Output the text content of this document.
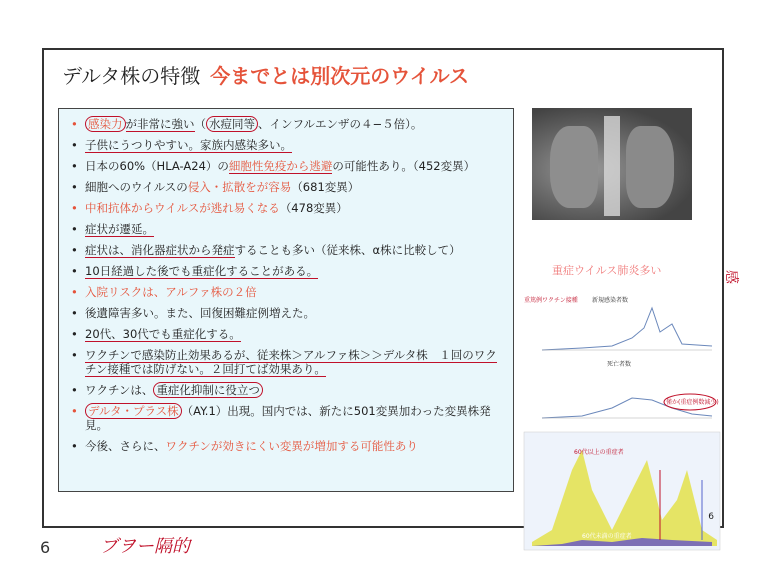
デルタ株の特徴 今までとは別次元のウイルス
• 感染力 が非常に強い（ 水痘同等 、インフルエンザの４−５倍）。
• 子供にうつりやすい。家族内感染多い。
• 日本の60%（HLA-A24）の細胞性免疫から逃避の可能性あり。（452変異）
• 細胞へのウイルスの侵入・拡散をが容易（681変異）
• 中和抗体からウイルスが逃れ易くなる（478変異）
• 症状が遷延。
• 症状は、消化器症状から発症することも多い（従来株、α株に比較して）
• 10日経過した後でも重症化することがある。
• 入院リスクは、アルファ株の２倍
• 後遺障害多い。また、回復困難症例増えた。
• 20代、30代でも重症化する。
• ワクチンで感染防止効果あるが、従来株＞アルファ株＞＞デルタ株　１回のワクチン接種では防げない。２回打てば効果あり。
• ワクチンは、 重症化抑制に役立つ
• デルタ・プラス株 （AY.1）出現。国内では、新たに501変異加わった変異株発見。
• 今後、さらに、ワクチンが効きにくい変異が増加する可能性あり
重症ウイルス肺炎多い
重篤例ワクチン接種 新規感染者数
死亡者数
僅か(重症例数減少)
60代以上の重症者
60代未満の重症者
6
6	ブヲー隔的
感
